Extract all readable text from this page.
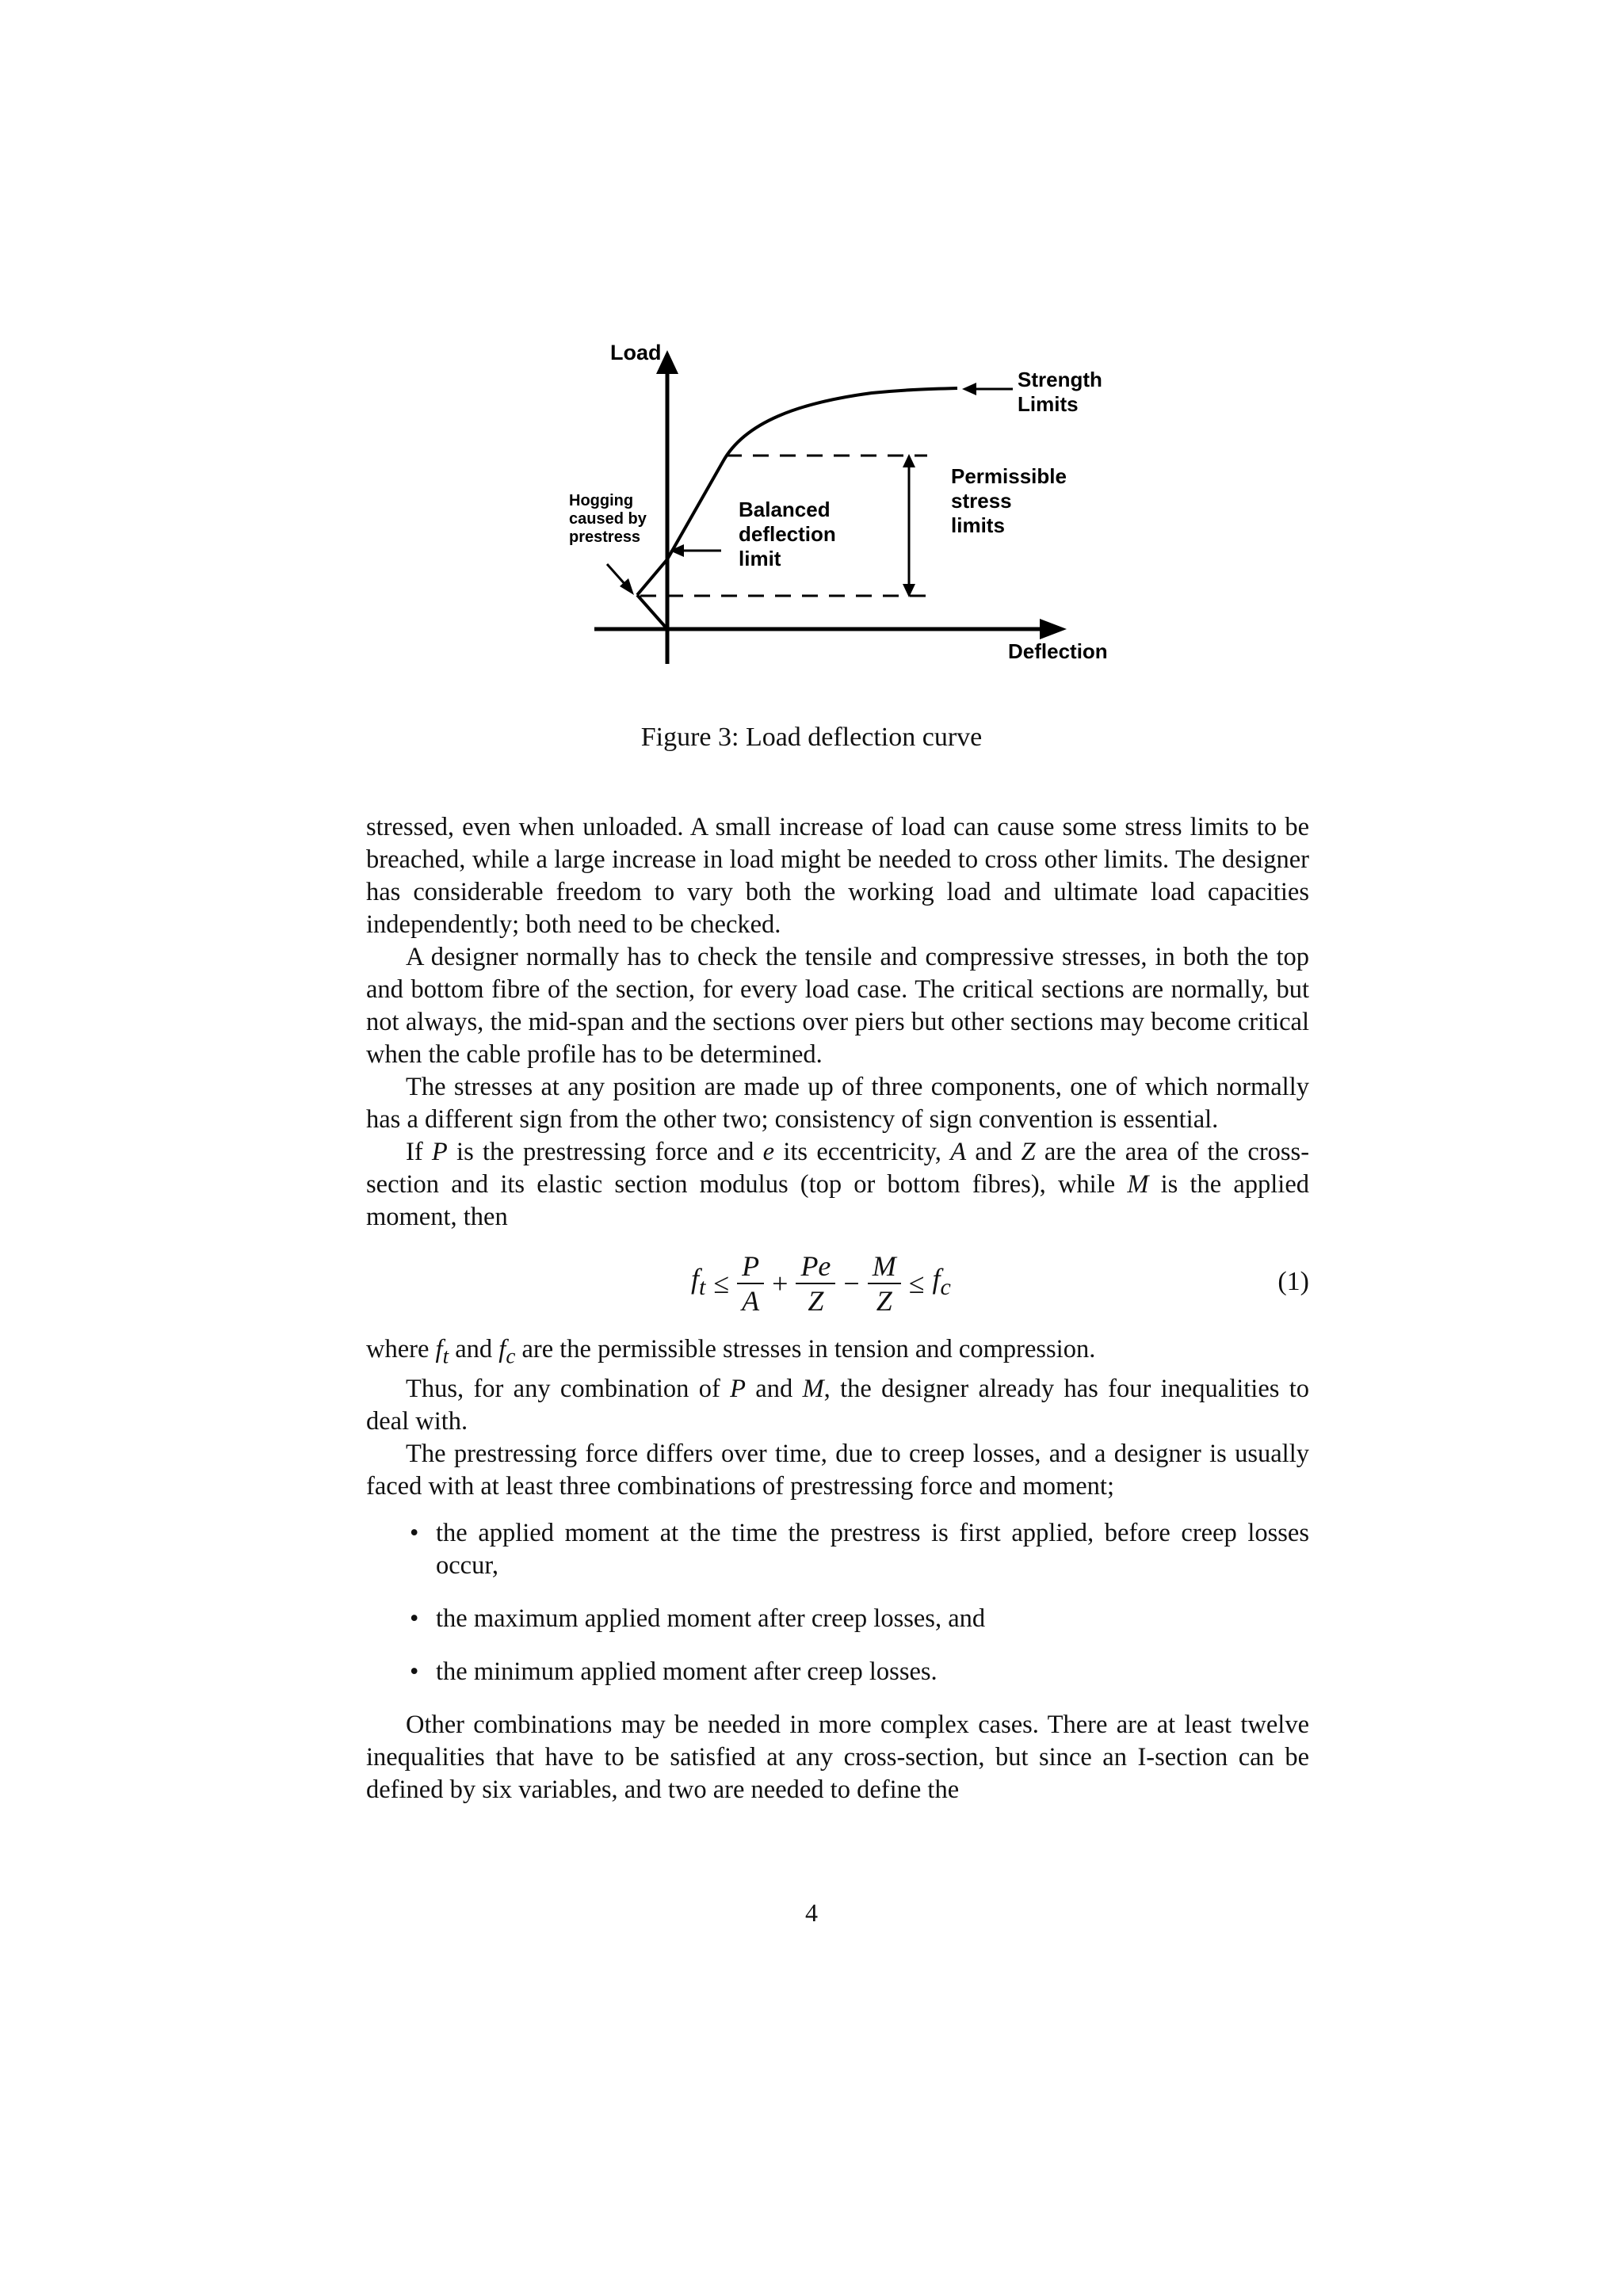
Load
Strength
Limits
Permissible
stress
limits
Hogging
caused by
prestress
Balanced
deflection
limit
Deflection
Figure 3: Load deflection curve

stressed, even when unloaded. A small increase of load can cause some stress limits to be breached, while a large increase in load might be needed to cross other limits. The designer has considerable freedom to vary both the working load and ultimate load capacities independently; both need to be checked.

A designer normally has to check the tensile and compressive stresses, in both the top and bottom fibre of the section, for every load case. The critical sections are normally, but not always, the mid-span and the sections over piers but other sections may become critical when the cable profile has to be determined.

The stresses at any position are made up of three components, one of which normally has a different sign from the other two; consistency of sign convention is essential.

If P is the prestressing force and e its eccentricity, A and Z are the area of the cross-section and its elastic section modulus (top or bottom fibres), while M is the applied moment, then

$f_t \le \frac{P}{A} + \frac{Pe}{Z} - \frac{M}{Z} \le f_c$	(1)

where $f_t$ and $f_c$ are the permissible stresses in tension and compression.

Thus, for any combination of P and M, the designer already has four inequalities to deal with.

The prestressing force differs over time, due to creep losses, and a designer is usually faced with at least three combinations of prestressing force and moment;

• the applied moment at the time the prestress is first applied, before creep losses occur,
• the maximum applied moment after creep losses, and
• the minimum applied moment after creep losses.

Other combinations may be needed in more complex cases. There are at least twelve inequalities that have to be satisfied at any cross-section, but since an I-section can be defined by six variables, and two are needed to define the

4
